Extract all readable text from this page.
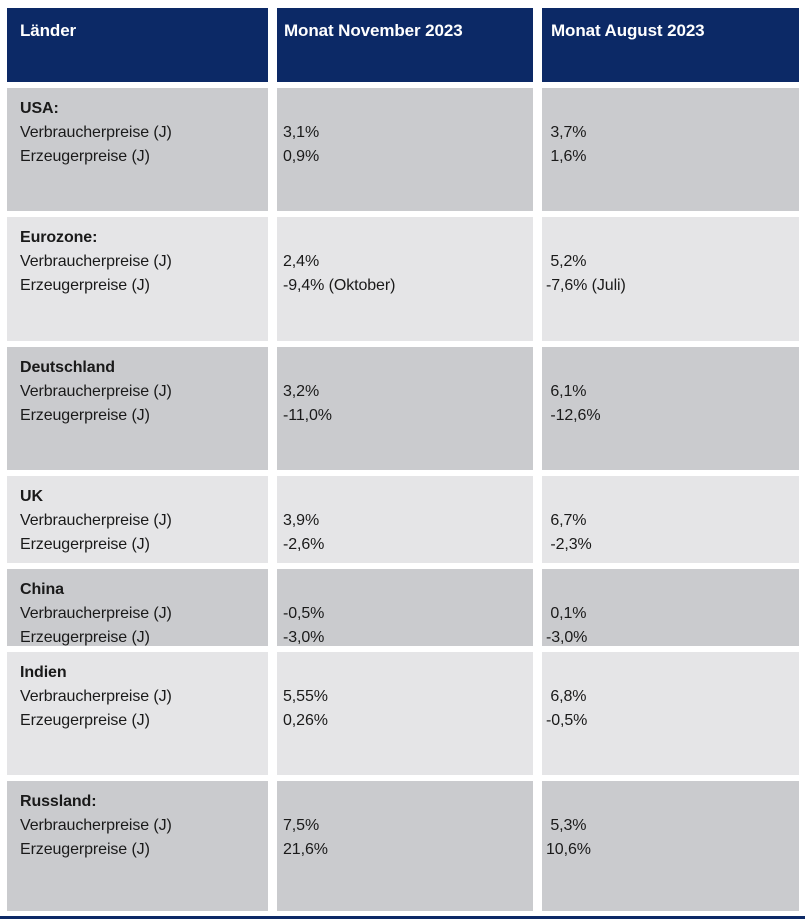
Länder	Monat November 2023	Monat August 2023
USA:
Verbraucherpreise (J)
Erzeugerpreise (J)
3,1%
0,9%
3,7%
1,6%
Eurozone:
Verbraucherpreise (J)
Erzeugerpreise (J)
2,4%
-9,4% (Oktober)
5,2%
-7,6% (Juli)
Deutschland
Verbraucherpreise (J)
Erzeugerpreise (J)
3,2%
-11,0%
6,1%
-12,6%
UK
Verbraucherpreise (J)
Erzeugerpreise (J)
3,9%
-2,6%
6,7%
-2,3%
China
Verbraucherpreise (J)
Erzeugerpreise (J)
-0,5%
-3,0%
0,1%
-3,0%
Indien
Verbraucherpreise (J)
Erzeugerpreise (J)
5,55%
0,26%
6,8%
-0,5%
Russland:
Verbraucherpreise (J)
Erzeugerpreise (J)
7,5%
21,6%
5,3%
10,6%
